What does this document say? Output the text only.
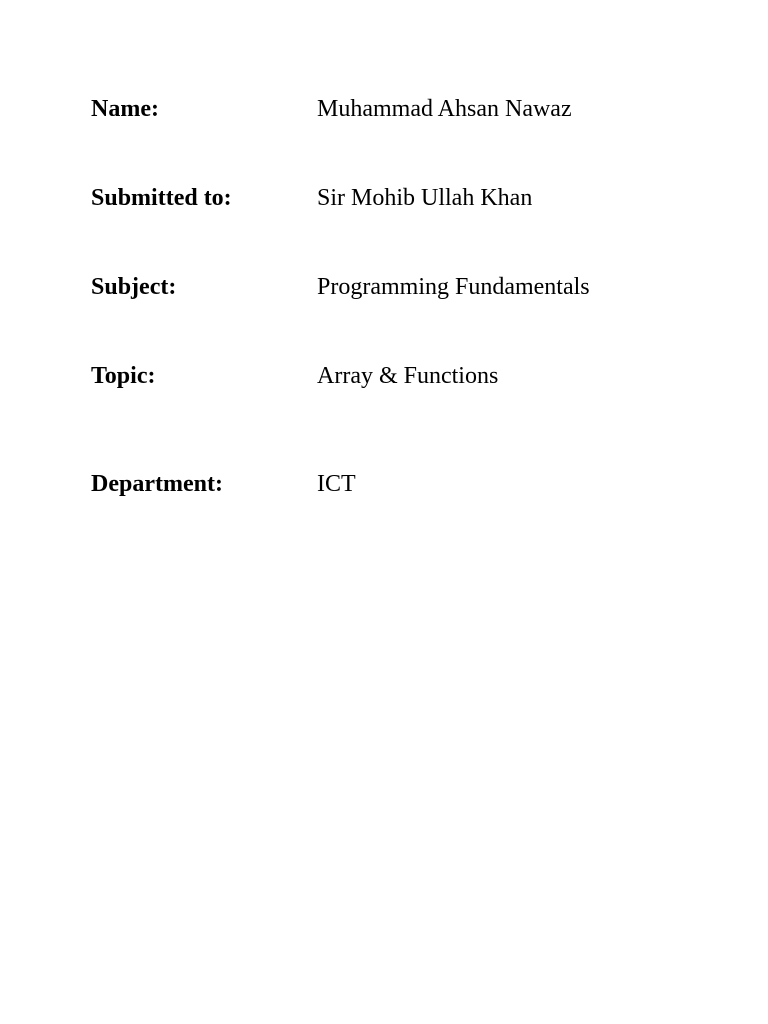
Name:	Muhammad Ahsan Nawaz
Submitted to:	Sir Mohib Ullah Khan
Subject:	Programming Fundamentals
Topic:	Array & Functions
Department:	ICT
